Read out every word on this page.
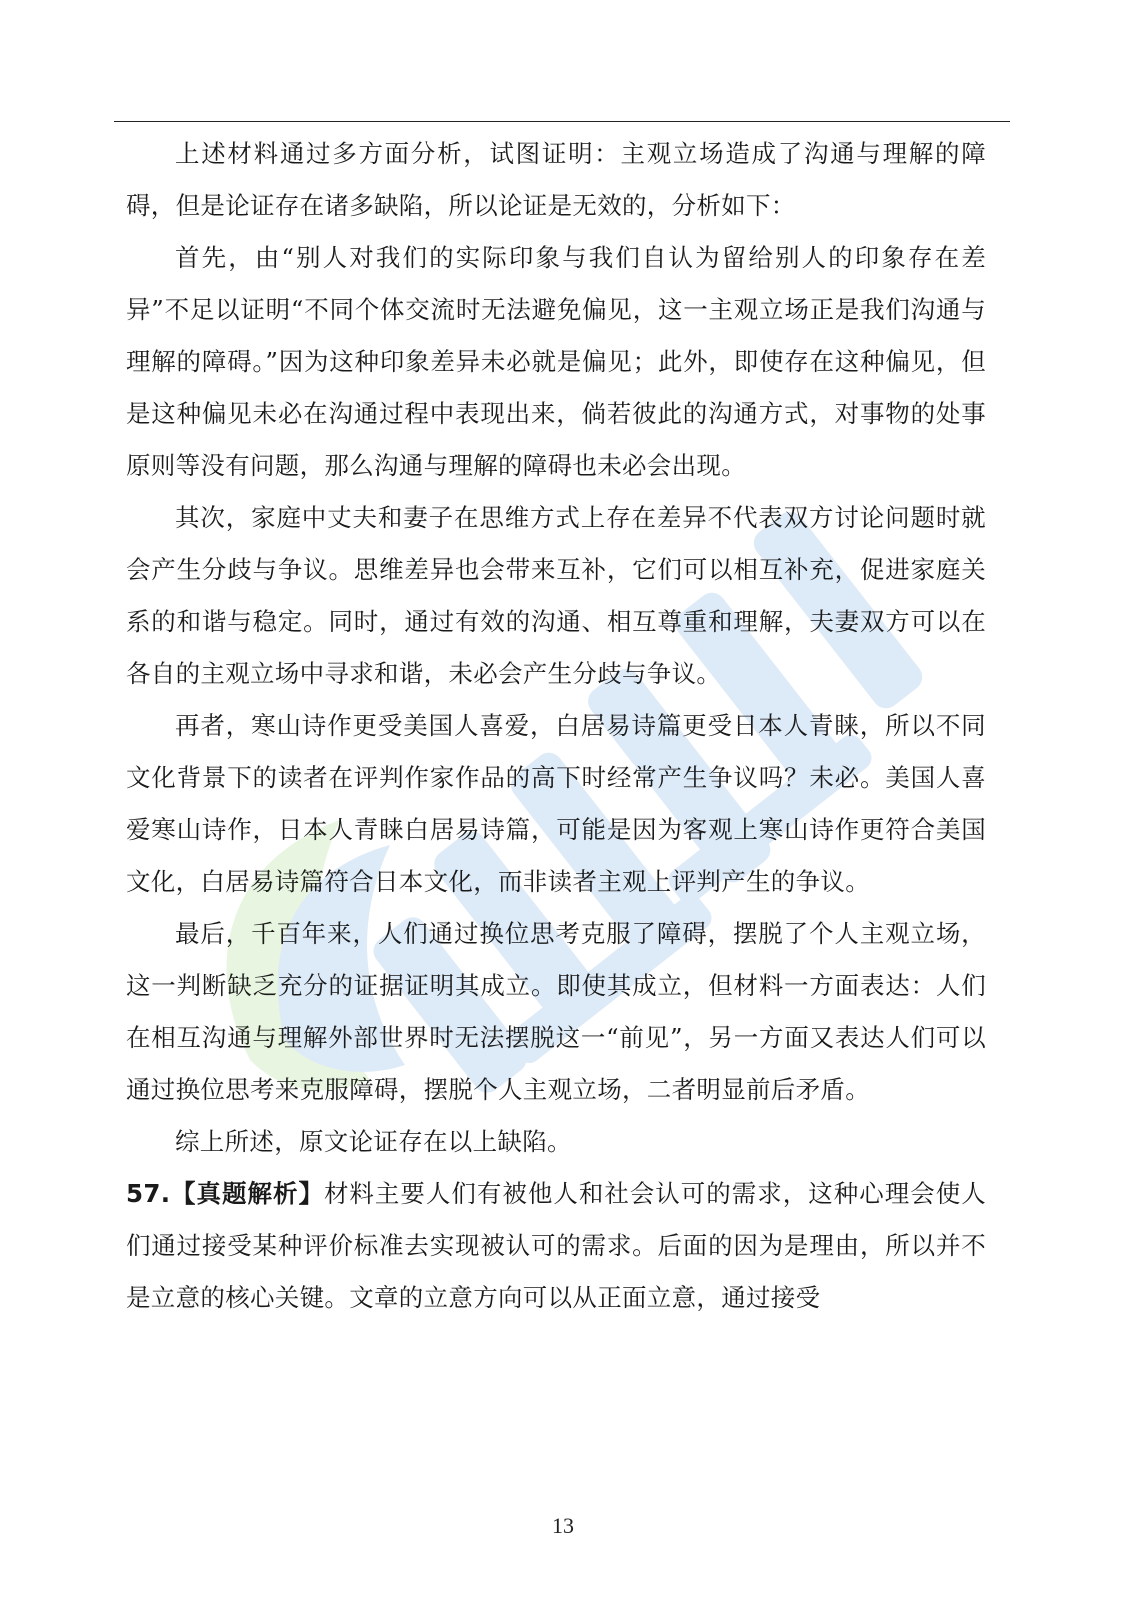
上述材料通过多方面分析，试图证明：主观立场造成了沟通与理解的障碍，但是论证存在诸多缺陷，所以论证是无效的，分析如下：

首先，由“别人对我们的实际印象与我们自认为留给别人的印象存在差异”不足以证明“不同个体交流时无法避免偏见，这一主观立场正是我们沟通与理解的障碍。”因为这种印象差异未必就是偏见；此外，即使存在这种偏见，但是这种偏见未必在沟通过程中表现出来，倘若彼此的沟通方式，对事物的处事原则等没有问题，那么沟通与理解的障碍也未必会出现。

其次，家庭中丈夫和妻子在思维方式上存在差异不代表双方讨论问题时就会产生分歧与争议。思维差异也会带来互补，它们可以相互补充，促进家庭关系的和谐与稳定。同时，通过有效的沟通、相互尊重和理解，夫妻双方可以在各自的主观立场中寻求和谐，未必会产生分歧与争议。

再者，寒山诗作更受美国人喜爱，白居易诗篇更受日本人青睐，所以不同文化背景下的读者在评判作家作品的高下时经常产生争议吗？未必。美国人喜爱寒山诗作，日本人青睐白居易诗篇，可能是因为客观上寒山诗作更符合美国文化，白居易诗篇符合日本文化，而非读者主观上评判产生的争议。

最后，千百年来，人们通过换位思考克服了障碍，摆脱了个人主观立场，这一判断缺乏充分的证据证明其成立。即使其成立，但材料一方面表达：人们在相互沟通与理解外部世界时无法摆脱这一“前见”，另一方面又表达人们可以通过换位思考来克服障碍，摆脱个人主观立场，二者明显前后矛盾。

综上所述，原文论证存在以上缺陷。

57.【真题解析】材料主要人们有被他人和社会认可的需求，这种心理会使人们通过接受某种评价标准去实现被认可的需求。后面的因为是理由，所以并不是立意的核心关键。文章的立意方向可以从正面立意，通过接受

13
